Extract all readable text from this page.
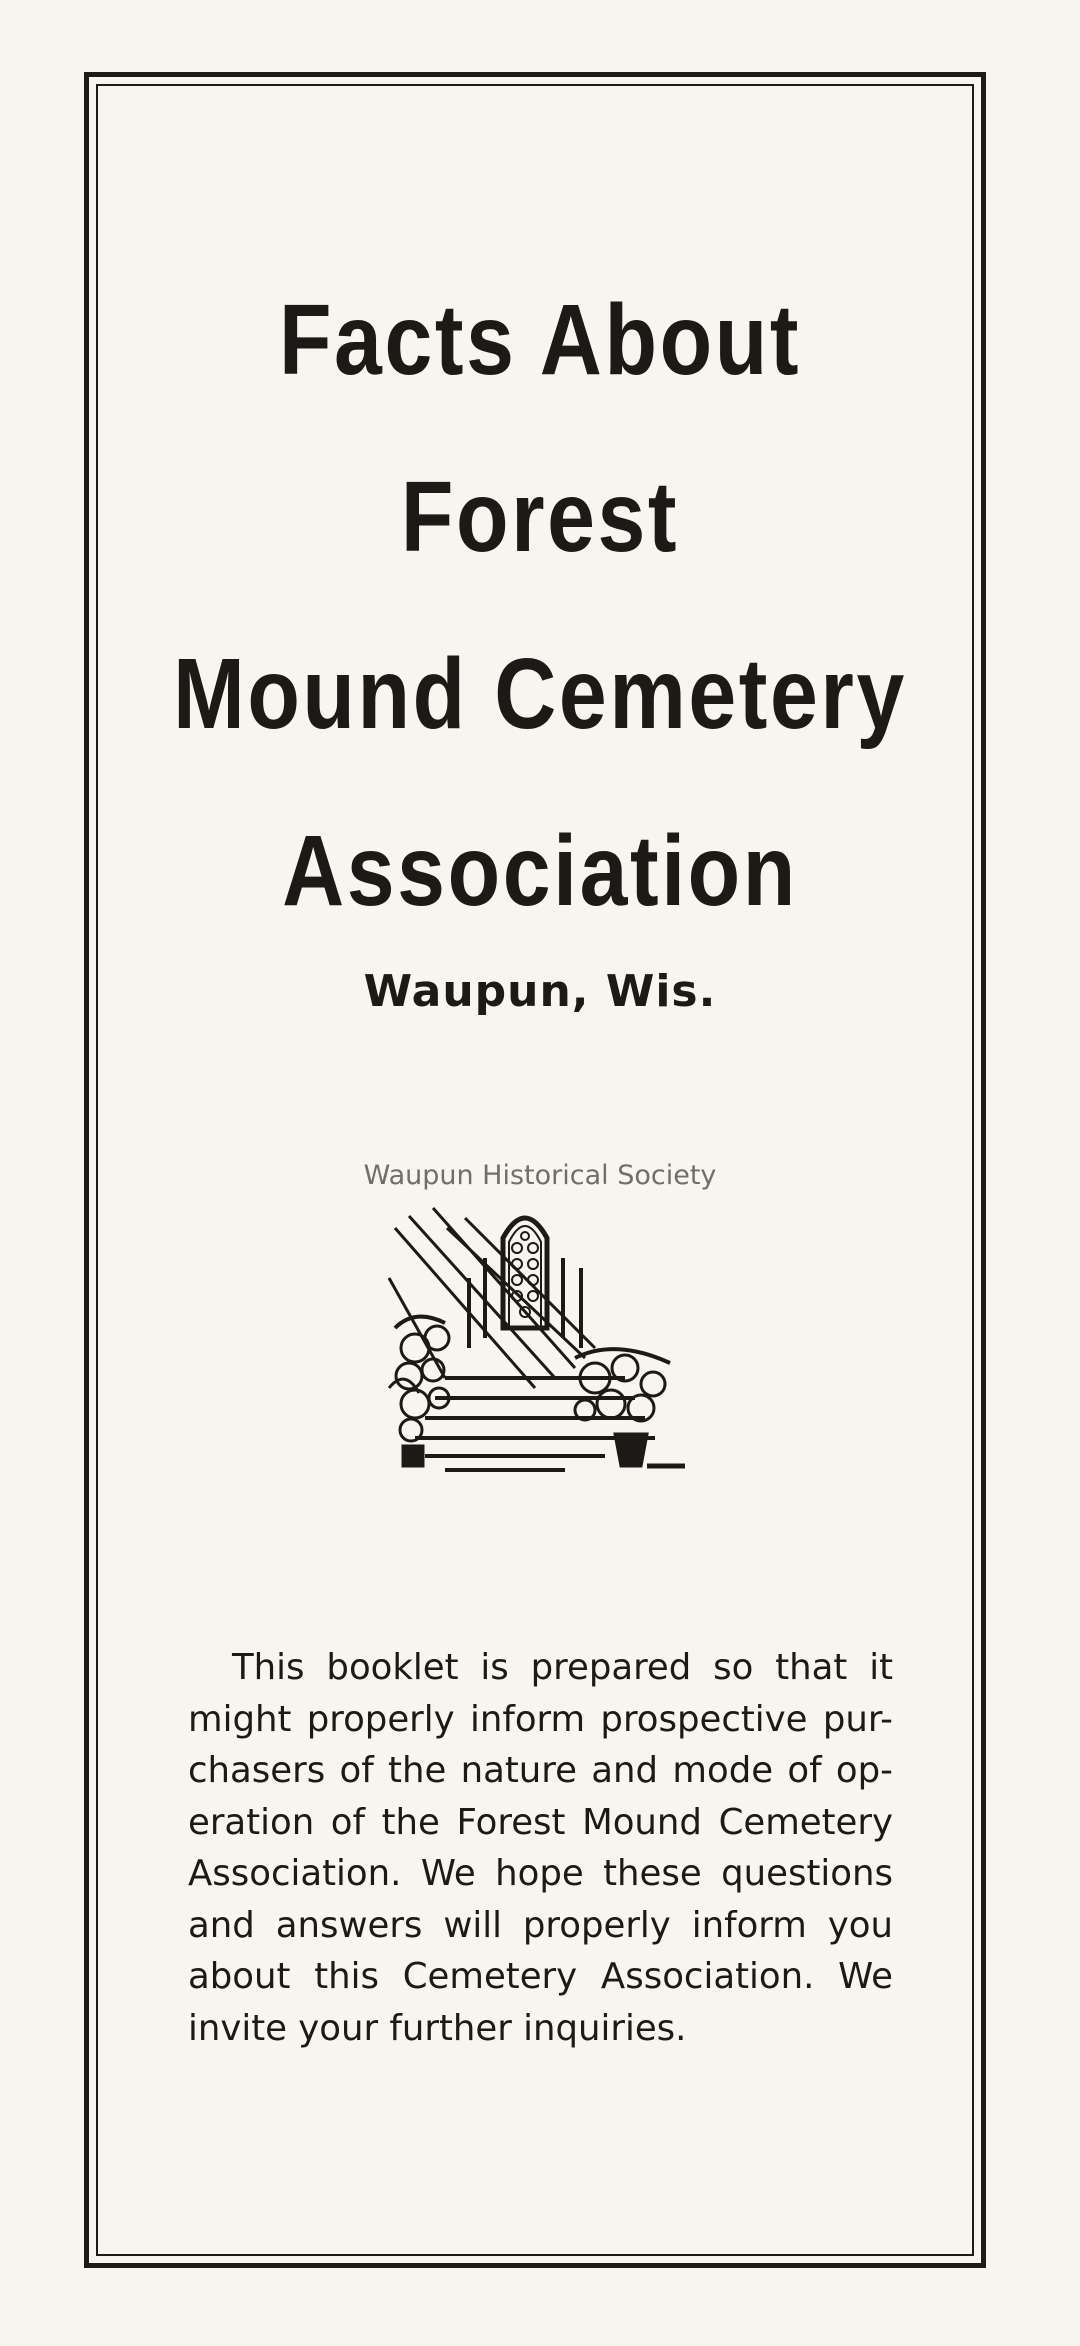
Facts About
Forest
Mound Cemetery
Association
Waupun, Wis.
Waupun Historical Society
This booklet is prepared so that it
might properly inform prospective pur-
chasers of the nature and mode of op-
eration of the Forest Mound Cemetery
Association. We hope these questions
and answers will properly inform you
about this Cemetery Association. We
invite your further inquiries.
